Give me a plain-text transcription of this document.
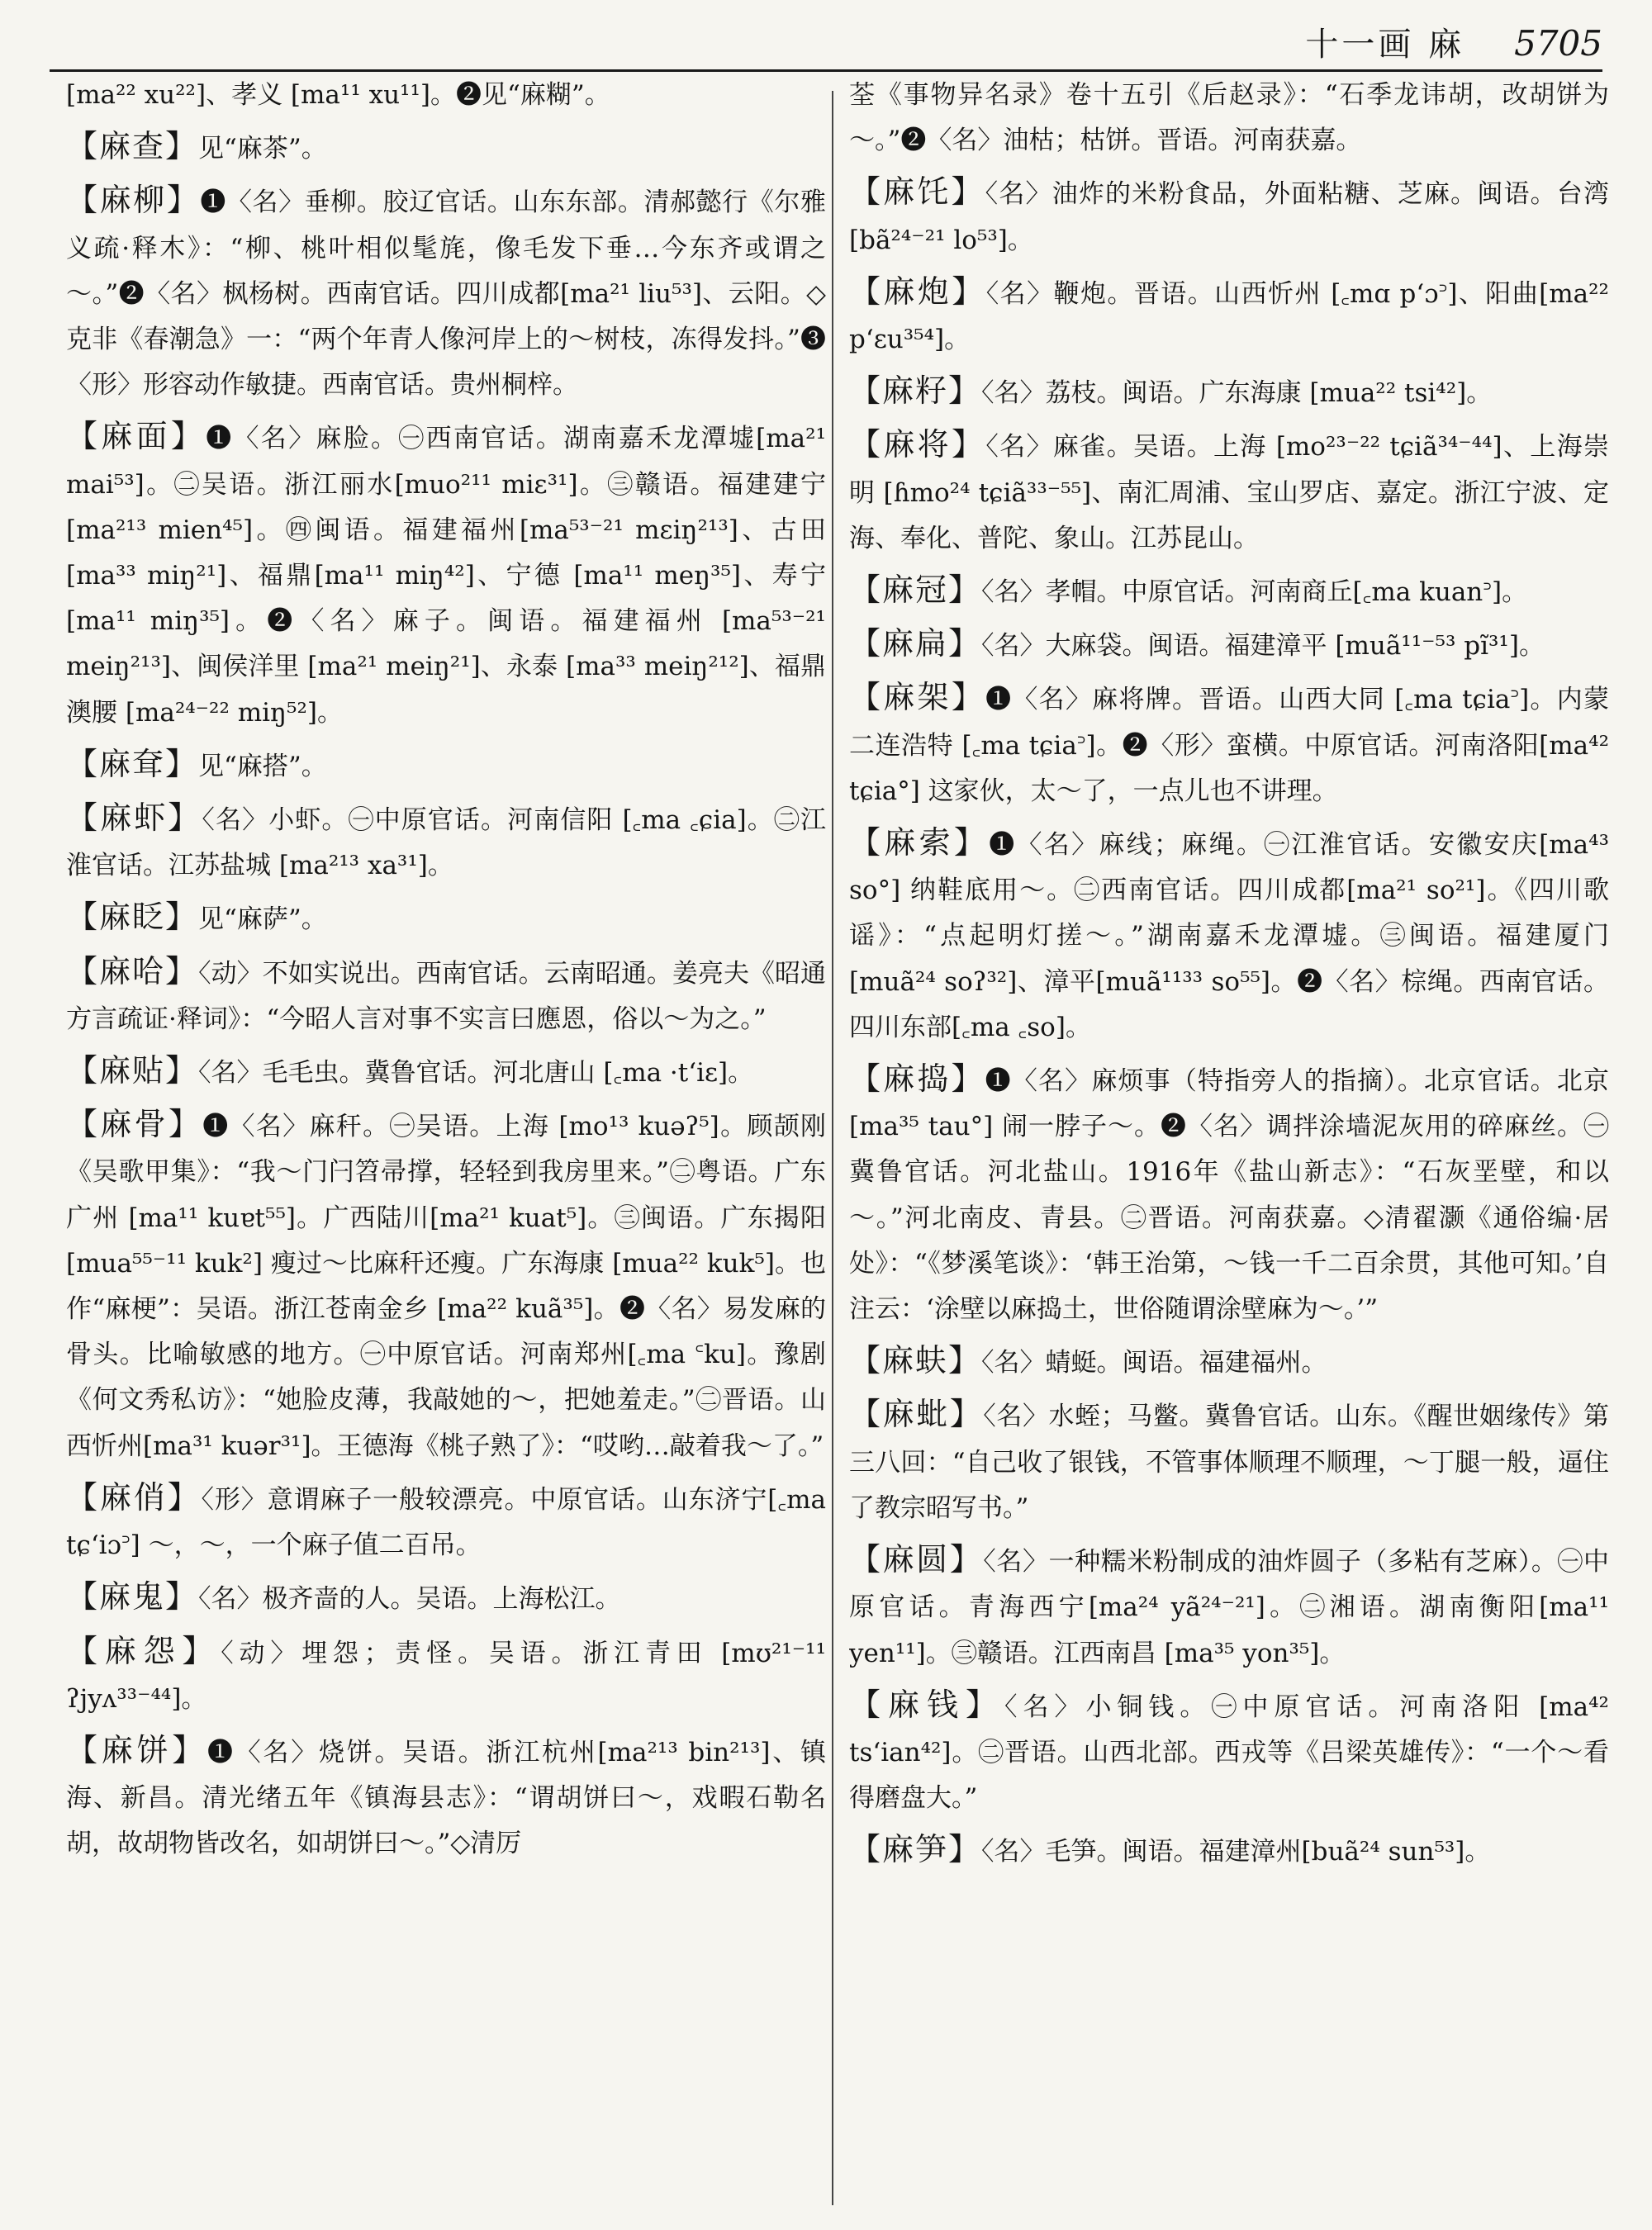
十一画 麻 5705
[ma²² xu²²]、孝义 [ma¹¹ xu¹¹]。❷见“麻糊”。
【麻查】见“麻茶”。
【麻柳】❶〈名〉垂柳。胶辽官话。山东东部。清郝懿行《尔雅义疏·释木》：“柳、桃叶相似髦旄，像毛发下垂…今东齐或谓之～。”❷〈名〉枫杨树。西南官话。四川成都[ma²¹ liu⁵³]、云阳。◇克非《春潮急》一：“两个年青人像河岸上的～树枝，冻得发抖。”❸〈形〉形容动作敏捷。西南官话。贵州桐梓。
【麻面】❶〈名〉麻脸。㊀西南官话。湖南嘉禾龙潭墟[ma²¹ mai⁵³]。㊁吴语。浙江丽水[muo²¹¹ miɛ³¹]。㊂赣语。福建建宁 [ma²¹³ mien⁴⁵]。㊃闽语。福建福州[ma⁵³⁻²¹ mɛiŋ²¹³]、古田 [ma³³ miŋ²¹]、福鼎[ma¹¹ miŋ⁴²]、宁德 [ma¹¹ meŋ³⁵]、寿宁 [ma¹¹ miŋ³⁵]。❷〈名〉麻子。闽语。福建福州 [ma⁵³⁻²¹ meiŋ²¹³]、闽侯洋里 [ma²¹ meiŋ²¹]、永泰 [ma³³ meiŋ²¹²]、福鼎澳腰 [ma²⁴⁻²² miŋ⁵²]。
【麻耷】见“麻搭”。
【麻虾】〈名〉小虾。㊀中原官话。河南信阳 [꜀ma ꜀ɕia]。㊁江淮官话。江苏盐城 [ma²¹³ xa³¹]。
【麻眨】见“麻萨”。
【麻哈】〈动〉不如实说出。西南官话。云南昭通。姜亮夫《昭通方言疏证·释词》：“今昭人言对事不实言曰應恩，俗以～为之。”
【麻贴】〈名〉毛毛虫。冀鲁官话。河北唐山 [꜀ma ·t‘iɛ]。
【麻骨】❶〈名〉麻秆。㊀吴语。上海 [mo¹³ kuəʔ⁵]。顾颉刚《吴歌甲集》：“我～门闩笤帚撑，轻轻到我房里来。”㊁粤语。广东广州 [ma¹¹ kuɐt⁵⁵]。广西陆川[ma²¹ kuat⁵]。㊂闽语。广东揭阳 [mua⁵⁵⁻¹¹ kuk²] 瘦过～比麻秆还瘦。广东海康 [mua²² kuk⁵]。也作“麻梗”：吴语。浙江苍南金乡 [ma²² kuã³⁵]。❷〈名〉易发麻的骨头。比喻敏感的地方。㊀中原官话。河南郑州[꜀ma ꜂ku]。豫剧《何文秀私访》：“她脸皮薄，我敲她的～，把她羞走。”㊁晋语。山西忻州[ma³¹ kuər³¹]。王德海《桃子熟了》：“哎哟…敲着我～了。”
【麻俏】〈形〉意谓麻子一般较漂亮。中原官话。山东济宁[꜀ma tɕ‘iɔ꜄] ～，～，一个麻子值二百吊。
【麻鬼】〈名〉极齐啬的人。吴语。上海松江。
【麻怨】〈动〉埋怨；责怪。吴语。浙江青田 [mʊ²¹⁻¹¹ ʔjyʌ³³⁻⁴⁴]。
【麻饼】❶〈名〉烧饼。吴语。浙江杭州[ma²¹³ bin²¹³]、镇海、新昌。清光绪五年《镇海县志》：“谓胡饼曰～，戏暇石勒名胡，故胡物皆改名，如胡饼曰～。”◇清厉
荃《事物异名录》卷十五引《后赵录》：“石季龙讳胡，改胡饼为～。”❷〈名〉油枯；枯饼。晋语。河南获嘉。
【麻饦】〈名〉油炸的米粉食品，外面粘糖、芝麻。闽语。台湾 [bã²⁴⁻²¹ lo⁵³]。
【麻炮】〈名〉鞭炮。晋语。山西忻州 [꜀mɑ p‘ɔ꜄]、阳曲[ma²² p‘ɛu³⁵⁴]。
【麻籽】〈名〉荔枝。闽语。广东海康 [mua²² tsi⁴²]。
【麻将】〈名〉麻雀。吴语。上海 [mo²³⁻²² tɕiã³⁴⁻⁴⁴]、上海崇明 [ɦmo²⁴ tɕiã³³⁻⁵⁵]、南汇周浦、宝山罗店、嘉定。浙江宁波、定海、奉化、普陀、象山。江苏昆山。
【麻冠】〈名〉孝帽。中原官话。河南商丘[꜀ma kuan꜄]。
【麻扁】〈名〉大麻袋。闽语。福建漳平 [muã¹¹⁻⁵³ pĩ³¹]。
【麻架】❶〈名〉麻将牌。晋语。山西大同 [꜀ma tɕia꜄]。内蒙二连浩特 [꜀ma tɕia꜄]。❷〈形〉蛮横。中原官话。河南洛阳[ma⁴² tɕia°] 这家伙，太～了，一点儿也不讲理。
【麻索】❶〈名〉麻线；麻绳。㊀江淮官话。安徽安庆[ma⁴³ so°] 纳鞋底用～。㊁西南官话。四川成都[ma²¹ so²¹]。《四川歌谣》：“点起明灯搓～。”湖南嘉禾龙潭墟。㊂闽语。福建厦门 [muã²⁴ soʔ³²]、漳平[muã¹¹³³ so⁵⁵]。❷〈名〉棕绳。西南官话。四川东部[꜀ma ꜀so]。
【麻捣】❶〈名〉麻烦事（特指旁人的指摘）。北京官话。北京 [ma³⁵ tau°] 闹一脖子～。❷〈名〉调拌涂墙泥灰用的碎麻丝。㊀冀鲁官话。河北盐山。1916年《盐山新志》：“石灰垩壁，和以～。”河北南皮、青县。㊁晋语。河南获嘉。◇清翟灏《通俗编·居处》：“《梦溪笔谈》：‘韩王治第，～钱一千二百余贯，其他可知。’自注云：‘涂壁以麻捣土，世俗随谓涂壁麻为～。’”
【麻蚨】〈名〉蜻蜓。闽语。福建福州。
【麻蚍】〈名〉水蛭；马鳖。冀鲁官话。山东。《醒世姻缘传》第三八回：“自己收了银钱，不管事体顺理不顺理，～丁腿一般，逼住了教宗昭写书。”
【麻圆】〈名〉一种糯米粉制成的油炸圆子（多粘有芝麻）。㊀中原官话。青海西宁[ma²⁴ yã²⁴⁻²¹]。㊁湘语。湖南衡阳[ma¹¹ yen¹¹]。㊂赣语。江西南昌 [ma³⁵ yon³⁵]。
【麻钱】〈名〉小铜钱。㊀中原官话。河南洛阳 [ma⁴² ts‘ian⁴²]。㊁晋语。山西北部。西戎等《吕梁英雄传》：“一个～看得磨盘大。”
【麻笋】〈名〉毛笋。闽语。福建漳州[buã²⁴ sun⁵³]。
